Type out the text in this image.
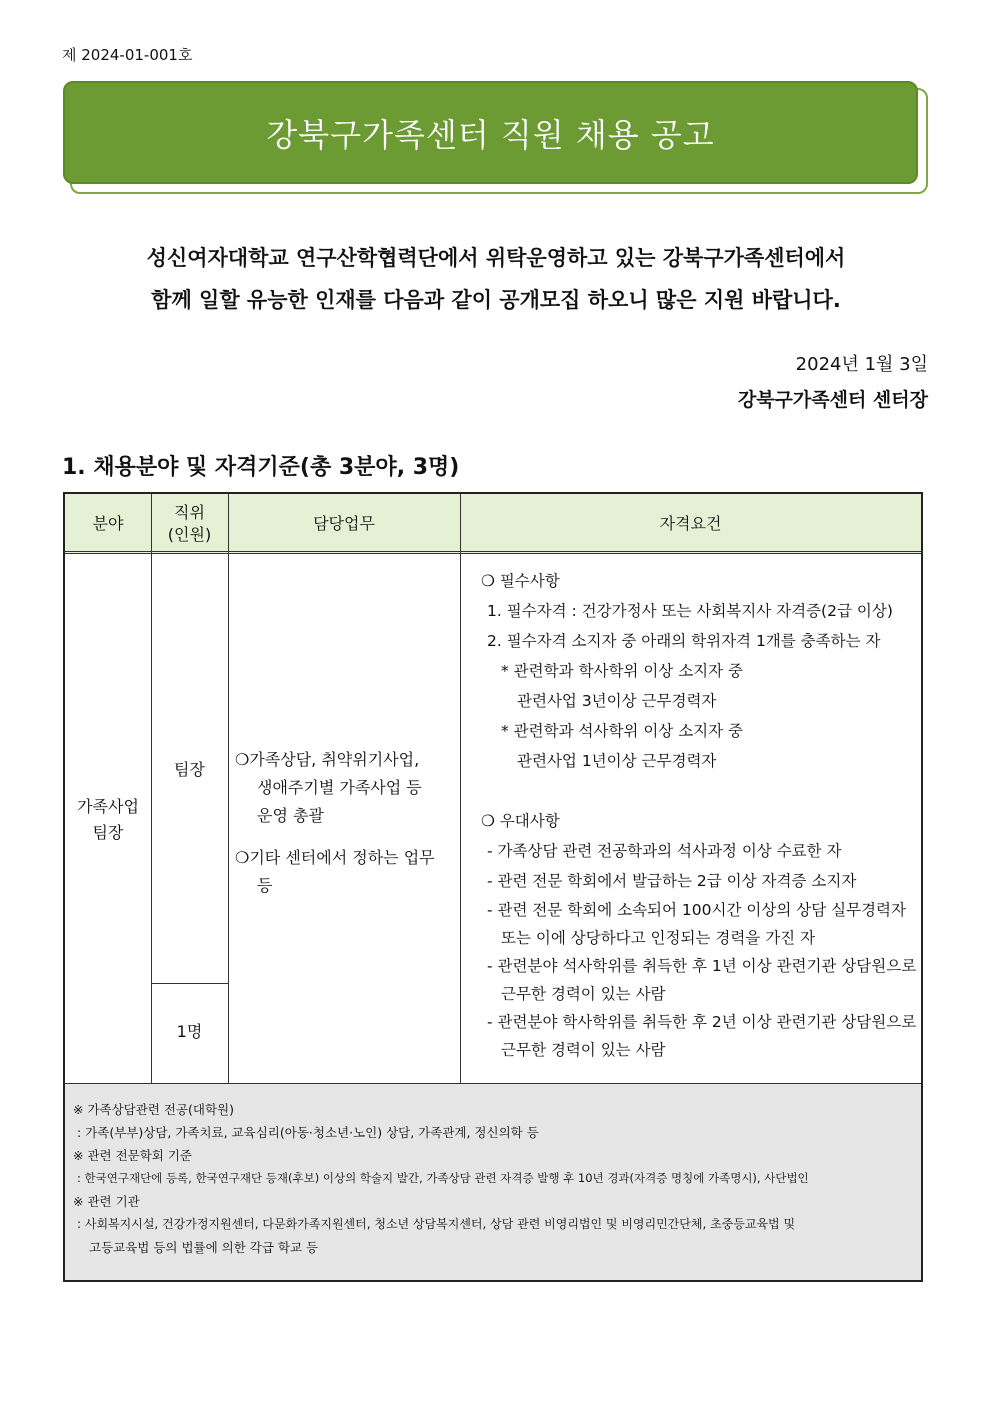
제 2024-01-001호
강북구가족센터 직원 채용 공고
성신여자대학교 연구산학협력단에서 위탁운영하고 있는 강북구가족센터에서
함께 일할 유능한 인재를 다음과 같이 공개모집 하오니 많은 지원 바랍니다.
2024년 1월 3일
강북구가족센터 센터장
1. 채용분야 및 자격기준(총 3분야, 3명)
분야
직위
(인원)
담당업무	자격요건
가족사업
팀장
팀장
1명
❍가족상담, 취약위기사업,
생애주기별 가족사업 등
운영 총괄
❍기타 센터에서 정하는 업무
등
❍ 필수사항
1. 필수자격 : 건강가정사 또는 사회복지사 자격증(2급 이상)
2. 필수자격 소지자 중 아래의 학위자격 1개를 충족하는 자
* 관련학과 학사학위 이상 소지자 중
관련사업 3년이상 근무경력자
* 관련학과 석사학위 이상 소지자 중
관련사업 1년이상 근무경력자
❍ 우대사항
- 가족상담 관련 전공학과의 석사과정 이상 수료한 자
- 관련 전문 학회에서 발급하는 2급 이상 자격증 소지자
- 관련 전문 학회에 소속되어 100시간 이상의 상담 실무경력자 또는 이에 상당하다고 인정되는 경력을 가진 자
- 관련분야 석사학위를 취득한 후 1년 이상 관련기관 상담원으로 근무한 경력이 있는 사람
- 관련분야 학사학위를 취득한 후 2년 이상 관련기관 상담원으로 근무한 경력이 있는 사람
※ 가족상담관련 전공(대학원)
: 가족(부부)상담, 가족치료, 교육심리(아동·청소년·노인) 상담, 가족관계, 정신의학 등
※ 관련 전문학회 기준
: 한국연구재단에 등록, 한국연구재단 등재(후보) 이상의 학술지 발간, 가족상담 관련 자격증 발행 후 10년 경과(자격증 명칭에 가족명시), 사단법인
※ 관련 기관
: 사회복지시설, 건강가정지원센터, 다문화가족지원센터, 청소년 상담복지센터, 상담 관련 비영리법인 및 비영리민간단체, 초중등교육법 및
고등교육법 등의 법률에 의한 각급 학교 등
